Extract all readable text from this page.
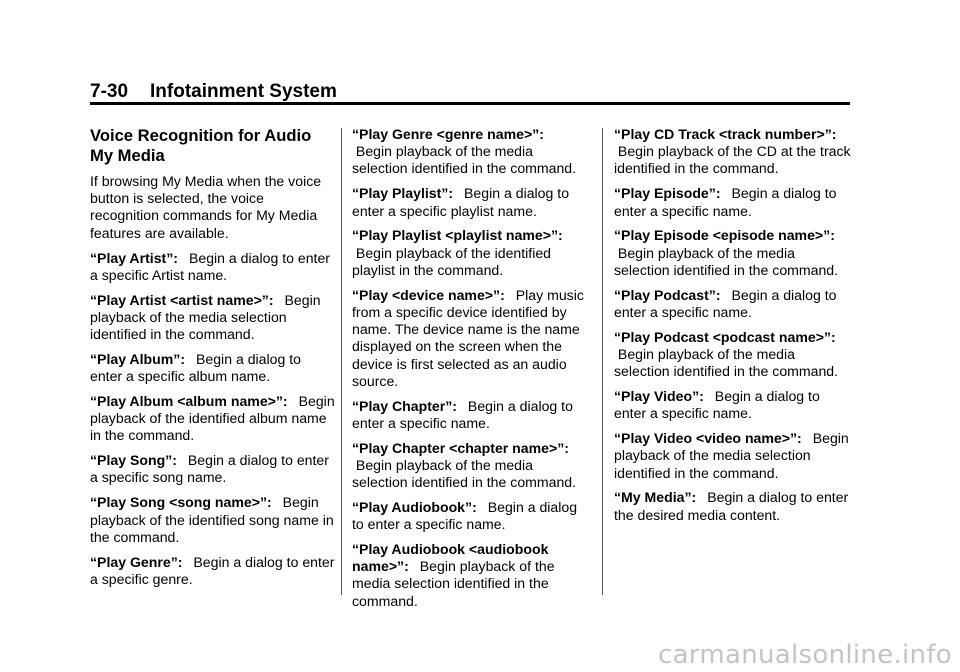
7-30 Infotainment System
Voice Recognition for Audio My Media
If browsing My Media when the voice button is selected, the voice recognition commands for My Media features are available.
“Play Artist”:  Begin a dialog to enter a specific Artist name.
“Play Artist <artist name>”:  Begin playback of the media selection identified in the command.
“Play Album”:  Begin a dialog to enter a specific album name.
“Play Album <album name>”:  Begin playback of the identified album name in the command.
“Play Song”:  Begin a dialog to enter a specific song name.
“Play Song <song name>”:  Begin playback of the identified song name in the command.
“Play Genre”:  Begin a dialog to enter a specific genre.
“Play Genre <genre name>”:  Begin playback of the media selection identified in the command.
“Play Playlist”:  Begin a dialog to enter a specific playlist name.
“Play Playlist <playlist name>”:  Begin playback of the identified playlist in the command.
“Play <device name>”:  Play music from a specific device identified by name. The device name is the name displayed on the screen when the device is first selected as an audio source.
“Play Chapter”:  Begin a dialog to enter a specific name.
“Play Chapter <chapter name>”:  Begin playback of the media selection identified in the command.
“Play Audiobook”:  Begin a dialog to enter a specific name.
“Play Audiobook <audiobook name>”:  Begin playback of the media selection identified in the command.
“Play CD Track <track number>”:  Begin playback of the CD at the track identified in the command.
“Play Episode”:  Begin a dialog to enter a specific name.
“Play Episode <episode name>”:  Begin playback of the media selection identified in the command.
“Play Podcast”:  Begin a dialog to enter a specific name.
“Play Podcast <podcast name>”:  Begin playback of the media selection identified in the command.
“Play Video”:  Begin a dialog to enter a specific name.
“Play Video <video name>”:  Begin playback of the media selection identified in the command.
“My Media”:  Begin a dialog to enter the desired media content.
carmanualsonline.info
